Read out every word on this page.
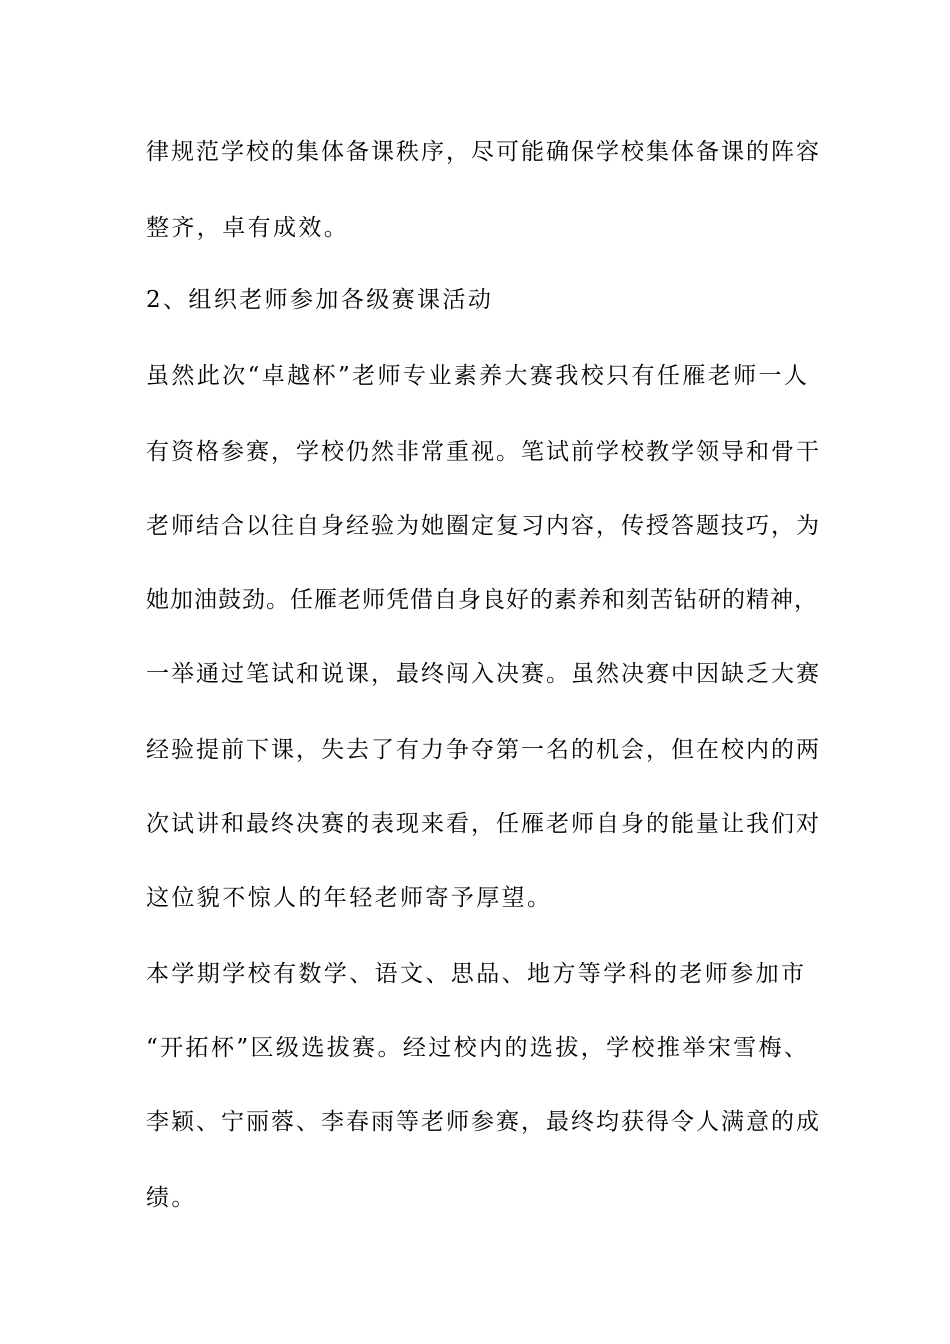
律规范学校的集体备课秩序，尽可能确保学校集体备课的阵容
整齐，卓有成效。
2、组织老师参加各级赛课活动
虽然此次“卓越杯”老师专业素养大赛我校只有任雁老师一人
有资格参赛，学校仍然非常重视。笔试前学校教学领导和骨干
老师结合以往自身经验为她圈定复习内容，传授答题技巧，为
她加油鼓劲。任雁老师凭借自身良好的素养和刻苦钻研的精神，
一举通过笔试和说课，最终闯入决赛。虽然决赛中因缺乏大赛
经验提前下课，失去了有力争夺第一名的机会，但在校内的两
次试讲和最终决赛的表现来看，任雁老师自身的能量让我们对
这位貌不惊人的年轻老师寄予厚望。
本学期学校有数学、语文、思品、地方等学科的老师参加市
“开拓杯”区级选拔赛。经过校内的选拔，学校推举宋雪梅、
李颖、宁丽蓉、李春雨等老师参赛，最终均获得令人满意的成
绩。
